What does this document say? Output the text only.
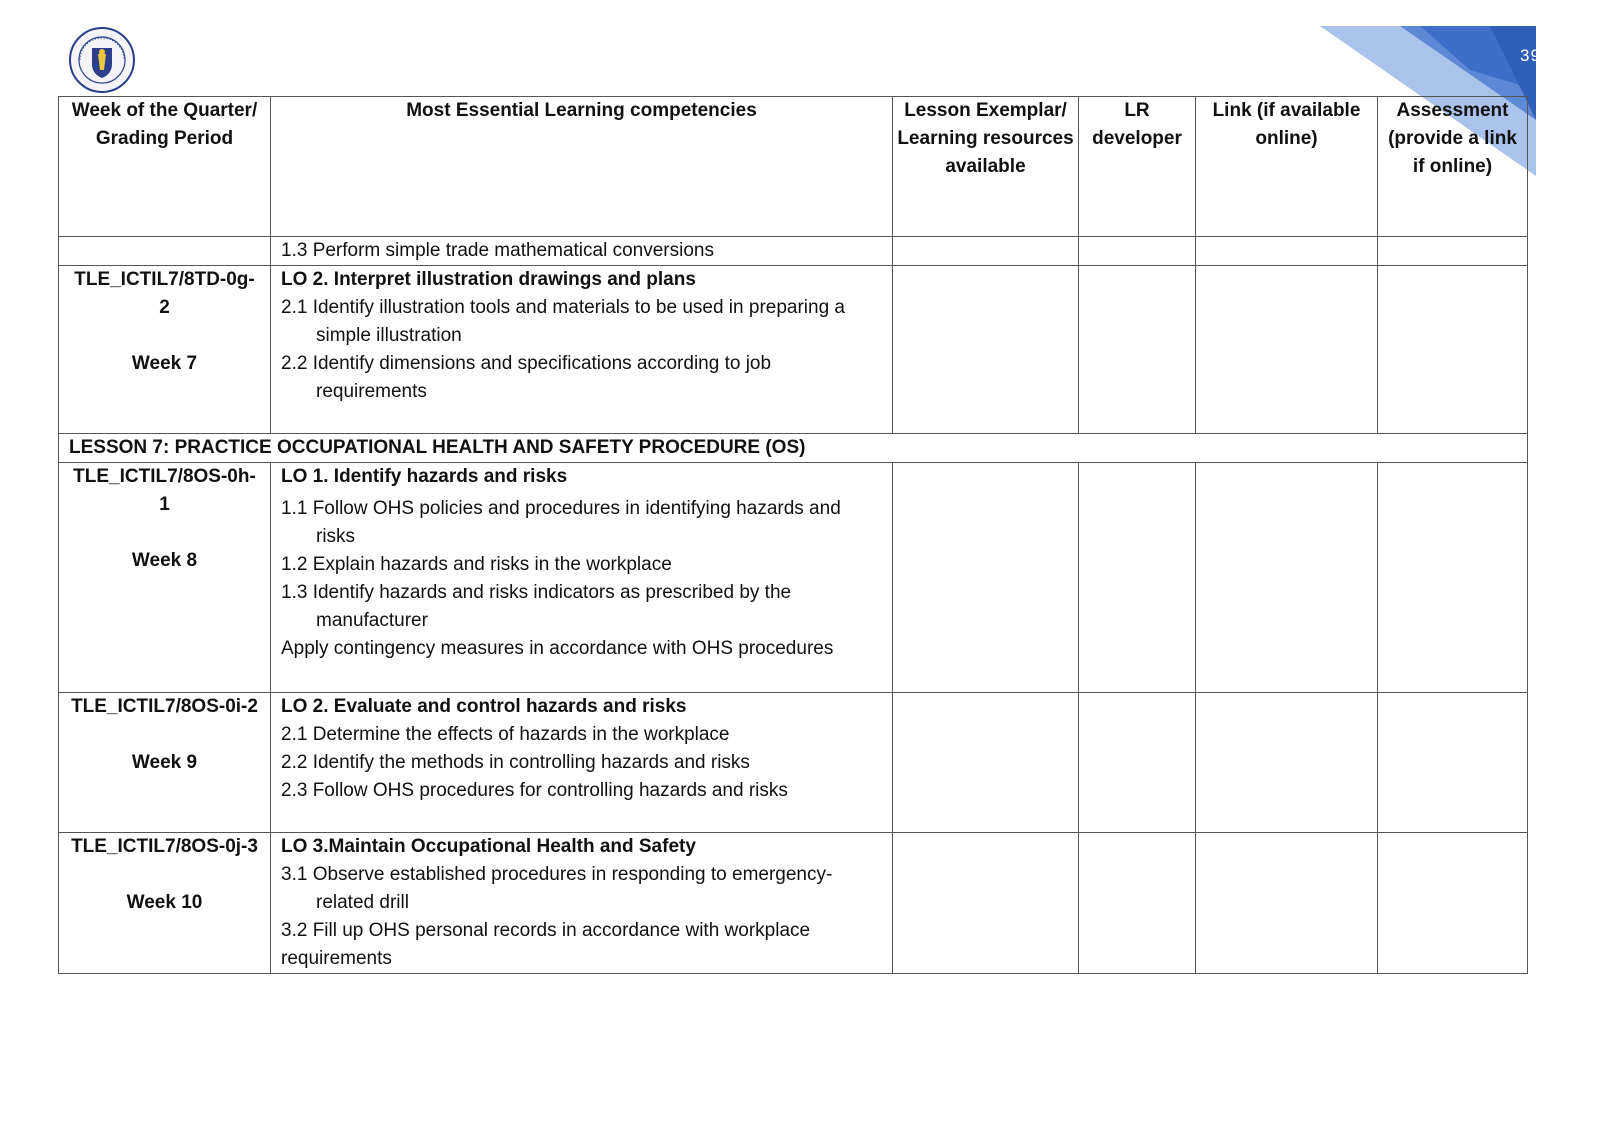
395
Week of the Quarter/ Grading Period	Most Essential Learning competencies	Lesson Exemplar/ Learning resources available	LR developer	Link (if available online)	Assessment (provide a link if online)
	1.3 Perform simple trade mathematical conversions				

TLE_ICTIL7/8TD-0g-2
Week 7	LO 2. Interpret illustration drawings and plans
2.1 Identify illustration tools and materials to be used in preparing a simple illustration
2.2 Identify dimensions and specifications according to job requirements				

LESSON 7: PRACTICE OCCUPATIONAL HEALTH AND SAFETY PROCEDURE (OS)					

TLE_ICTIL7/8OS-0h-1
Week 8	LO 1. Identify hazards and risks
1.1 Follow OHS policies and procedures in identifying hazards and risks
1.2 Explain hazards and risks in the workplace
1.3 Identify hazards and risks indicators as prescribed by the manufacturer
Apply contingency measures in accordance with OHS procedures				

TLE_ICTIL7/8OS-0i-2
Week 9	LO 2. Evaluate and control hazards and risks
2.1 Determine the effects of hazards in the workplace
2.2 Identify the methods in controlling hazards and risks
2.3 Follow OHS procedures for controlling hazards and risks				

TLE_ICTIL7/8OS-0j-3
Week 10	LO 3.Maintain Occupational Health and Safety
3.1 Observe established procedures in responding to emergency-related drill
3.2 Fill up OHS personal records in accordance with workplace requirements				
